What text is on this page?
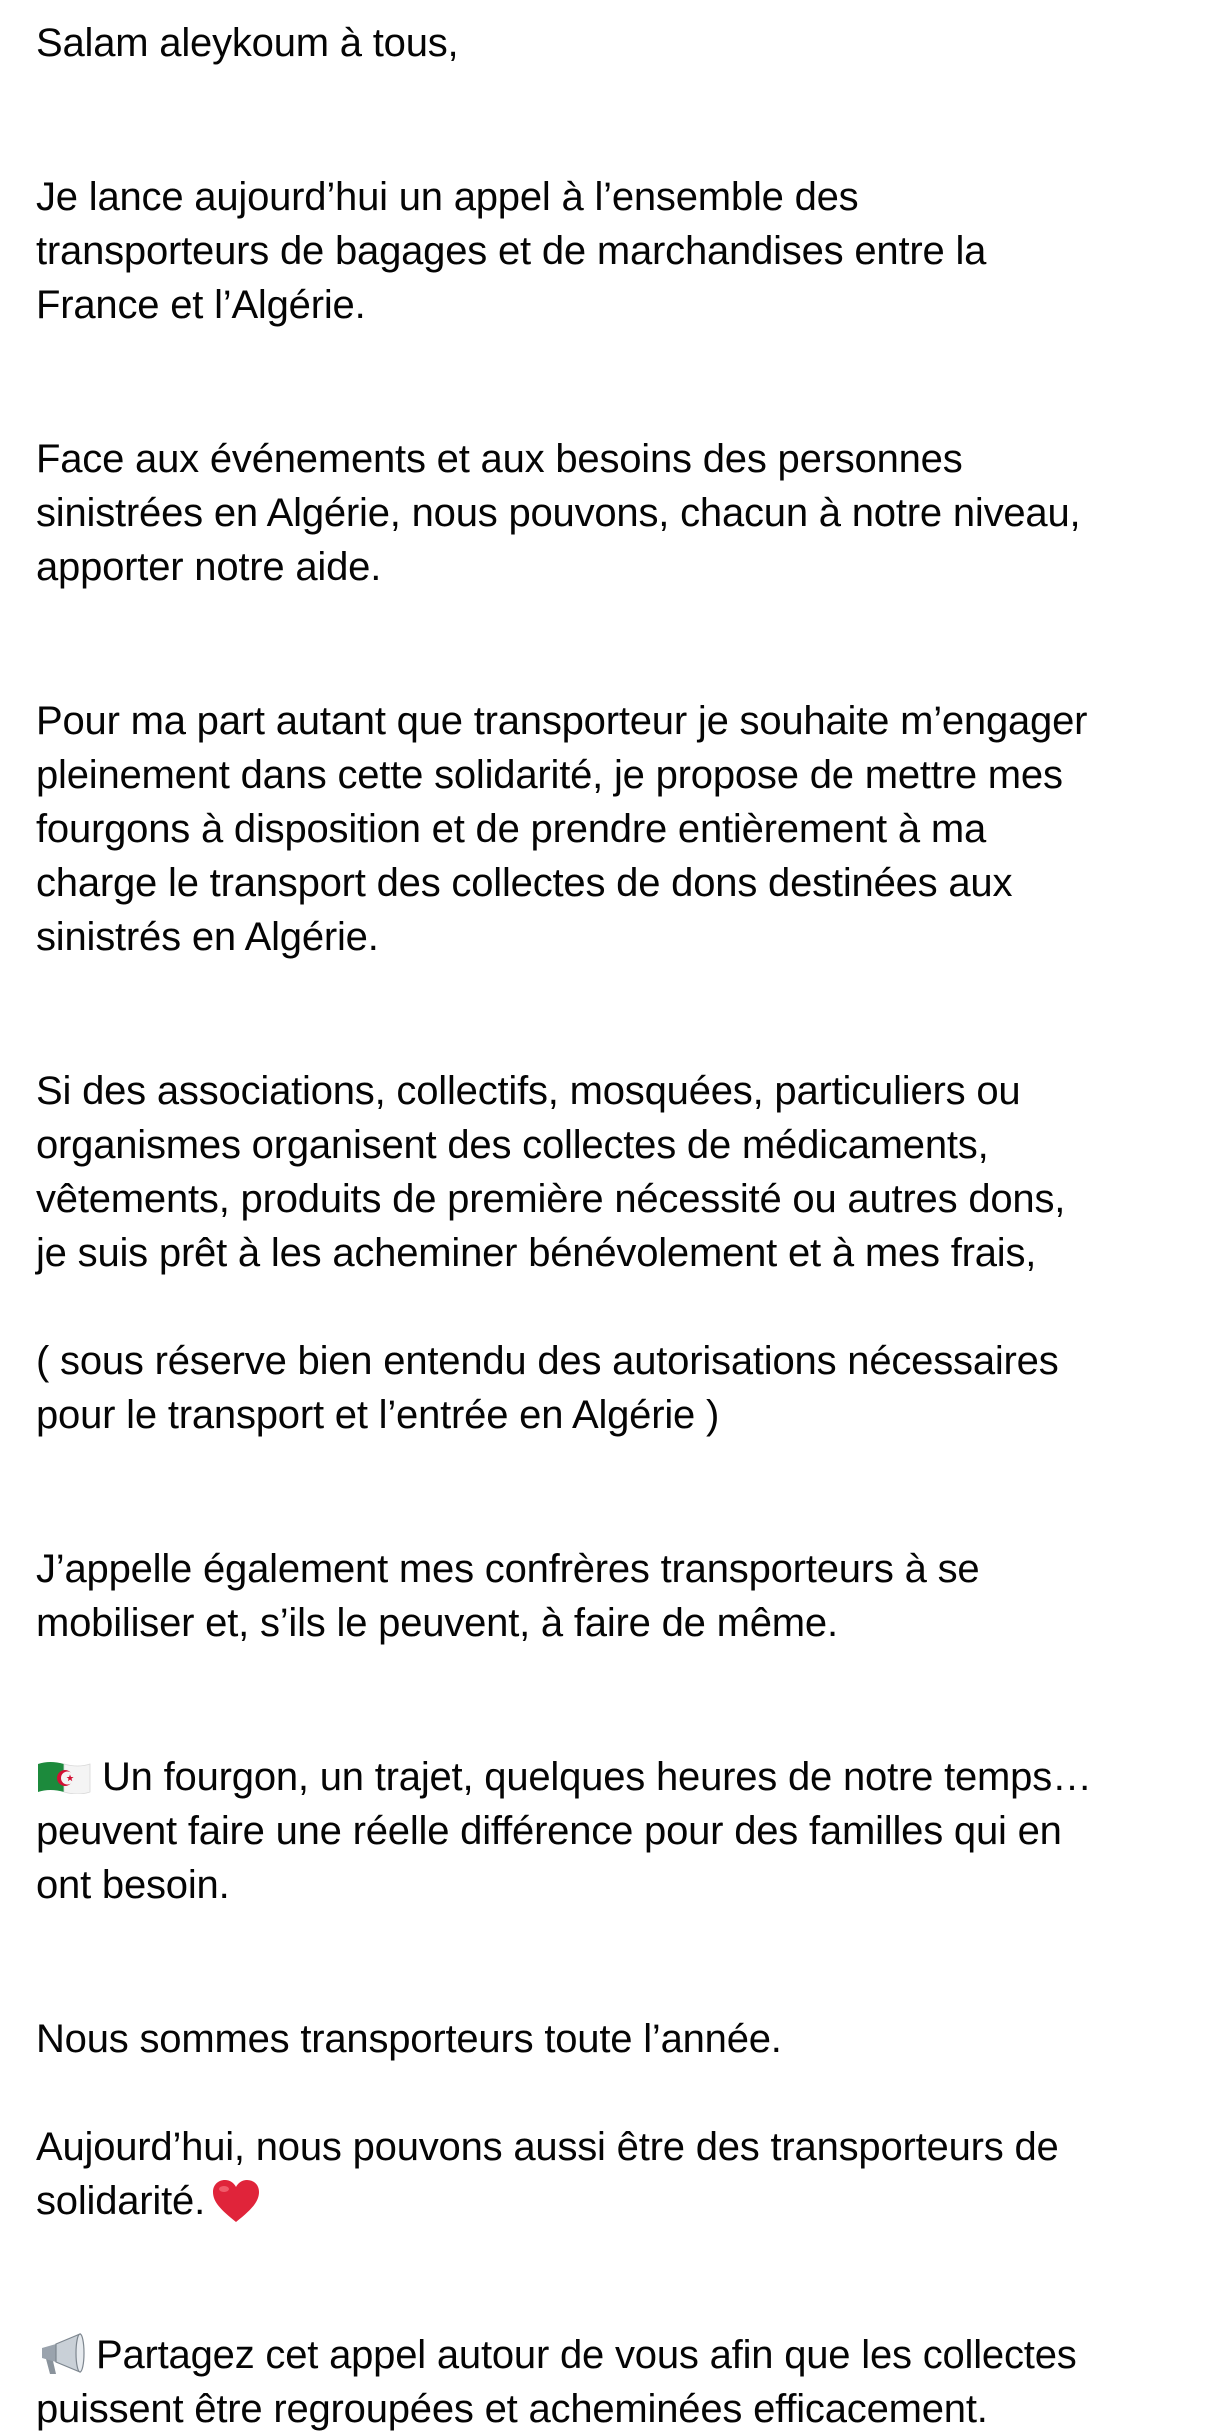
Salam aleykoum à tous,
Je lance aujourd’hui un appel à l’ensemble des
transporteurs de bagages et de marchandises entre la
France et l’Algérie.
Face aux événements et aux besoins des personnes
sinistrées en Algérie, nous pouvons, chacun à notre niveau,
apporter notre aide.
Pour ma part autant que transporteur je souhaite m’engager
pleinement dans cette solidarité, je propose de mettre mes
fourgons à disposition et de prendre entièrement à ma
charge le transport des collectes de dons destinées aux
sinistrés en Algérie.
Si des associations, collectifs, mosquées, particuliers ou
organismes organisent des collectes de médicaments,
vêtements, produits de première nécessité ou autres dons,
je suis prêt à les acheminer bénévolement et à mes frais,
( sous réserve bien entendu des autorisations nécessaires
pour le transport et l’entrée en Algérie )
J’appelle également mes confrères transporteurs à se
mobiliser et, s’ils le peuvent, à faire de même.
Un fourgon, un trajet, quelques heures de notre temps…
peuvent faire une réelle différence pour des familles qui en
ont besoin.
Nous sommes transporteurs toute l’année.
Aujourd’hui, nous pouvons aussi être des transporteurs de
solidarité.
Partagez cet appel autour de vous afin que les collectes
puissent être regroupées et acheminées efficacement.
